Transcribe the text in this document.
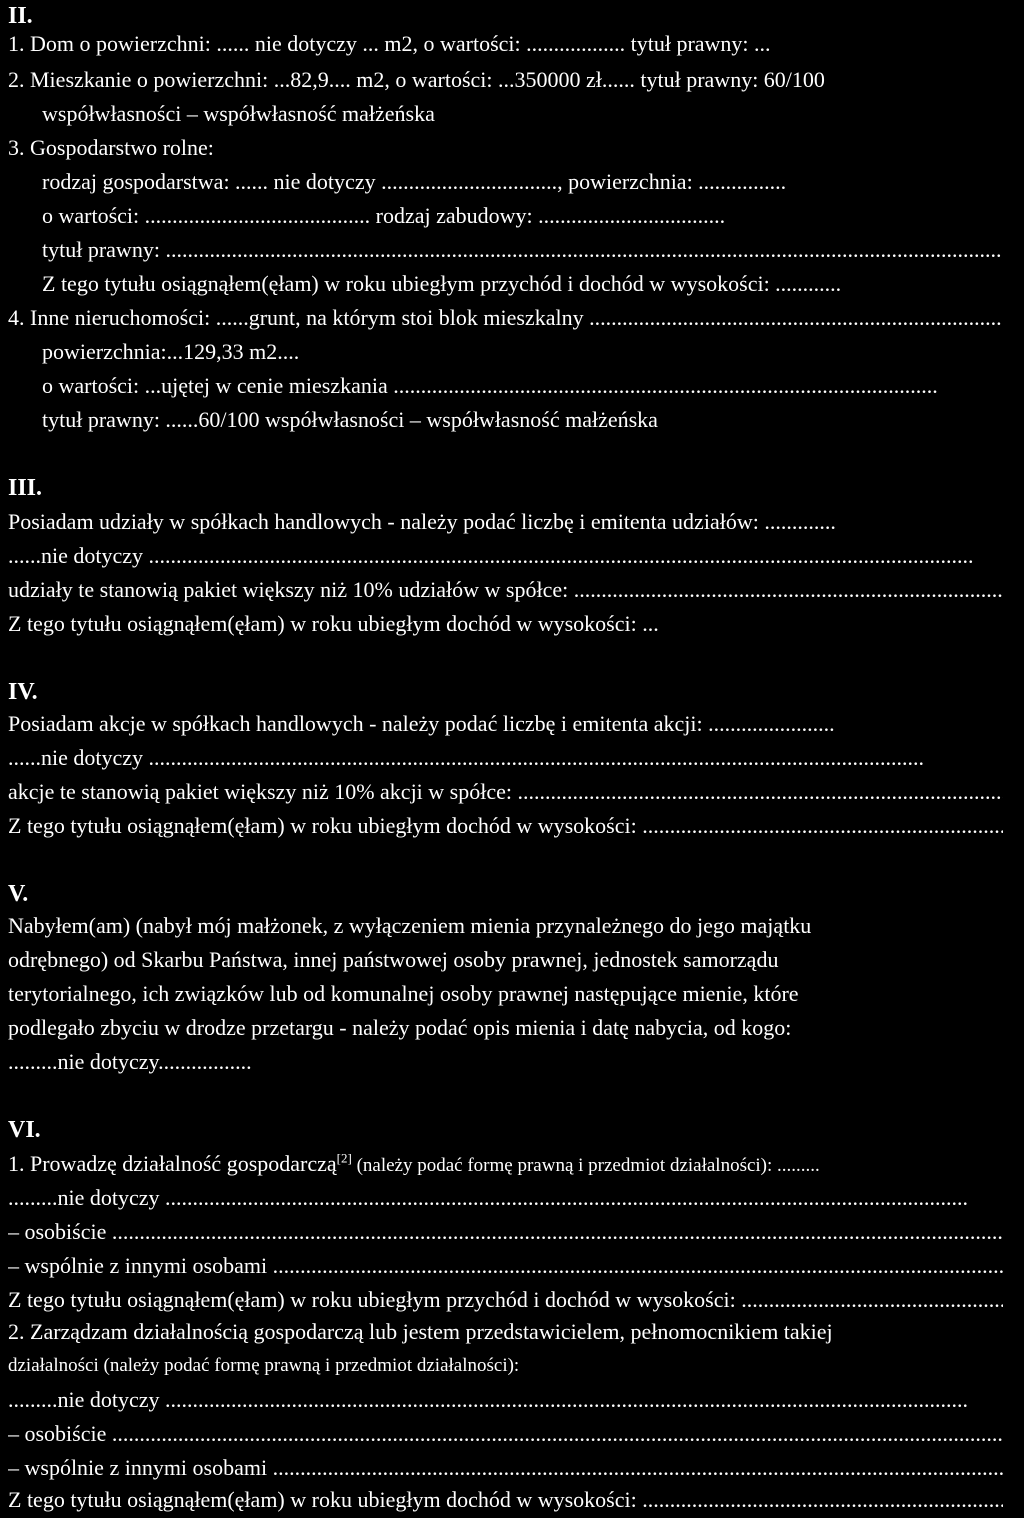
II.
1. Dom o powierzchni: ...... nie dotyczy ... m2, o wartości: .................. tytuł prawny: ...
2. Mieszkanie o powierzchni: ...82,9.... m2, o wartości: ...350000 zł...... tytuł prawny: 60/100
współwłasności – współwłasność małżeńska
3. Gospodarstwo rolne:
rodzaj gospodarstwa: ...... nie dotyczy ................................, powierzchnia: ................
o wartości: ......................................... rodzaj zabudowy: ..................................
tytuł prawny: .....
Z tego tytułu osiągnąłem(ęłam) w roku ubiegłym przychód i dochód w wysokości: ............
4. Inne nieruchomości: ......grunt, na którym stoi blok mieszkalny .....
powierzchnia:...129,33 m2....
o wartości: ...ujętej w cenie mieszkania .....
tytuł prawny: ......60/100 współwłasności – współwłasność małżeńska
III.
Posiadam udziały w spółkach handlowych - należy podać liczbę i emitenta udziałów: .............
......nie dotyczy .....
udziały te stanowią pakiet większy niż 10% udziałów w spółce: .....
Z tego tytułu osiągnąłem(ęłam) w roku ubiegłym dochód w wysokości: ...
IV.
Posiadam akcje w spółkach handlowych - należy podać liczbę i emitenta akcji: .......................
......nie dotyczy .....
akcje te stanowią pakiet większy niż 10% akcji w spółce: .....
Z tego tytułu osiągnąłem(ęłam) w roku ubiegłym dochód w wysokości: .....
V.
Nabyłem(am) (nabył mój małżonek, z wyłączeniem mienia przynależnego do jego majątku
odrębnego) od Skarbu Państwa, innej państwowej osoby prawnej, jednostek samorządu
terytorialnego, ich związków lub od komunalnej osoby prawnej następujące mienie, które
podlegało zbyciu w drodze przetargu - należy podać opis mienia i datę nabycia, od kogo:
.........nie dotyczy.................
VI.
1. Prowadzę działalność gospodarczą[2] (należy podać formę prawną i przedmiot działalności): .........
.........nie dotyczy .....
– osobiście .....
– wspólnie z innymi osobami .....
Z tego tytułu osiągnąłem(ęłam) w roku ubiegłym przychód i dochód w wysokości: .....
2. Zarządzam działalnością gospodarczą lub jestem przedstawicielem, pełnomocnikiem takiej
działalności (należy podać formę prawną i przedmiot działalności):
.........nie dotyczy .....
– osobiście .....
– wspólnie z innymi osobami .....
Z tego tytułu osiągnąłem(ęłam) w roku ubiegłym dochód w wysokości: .....
